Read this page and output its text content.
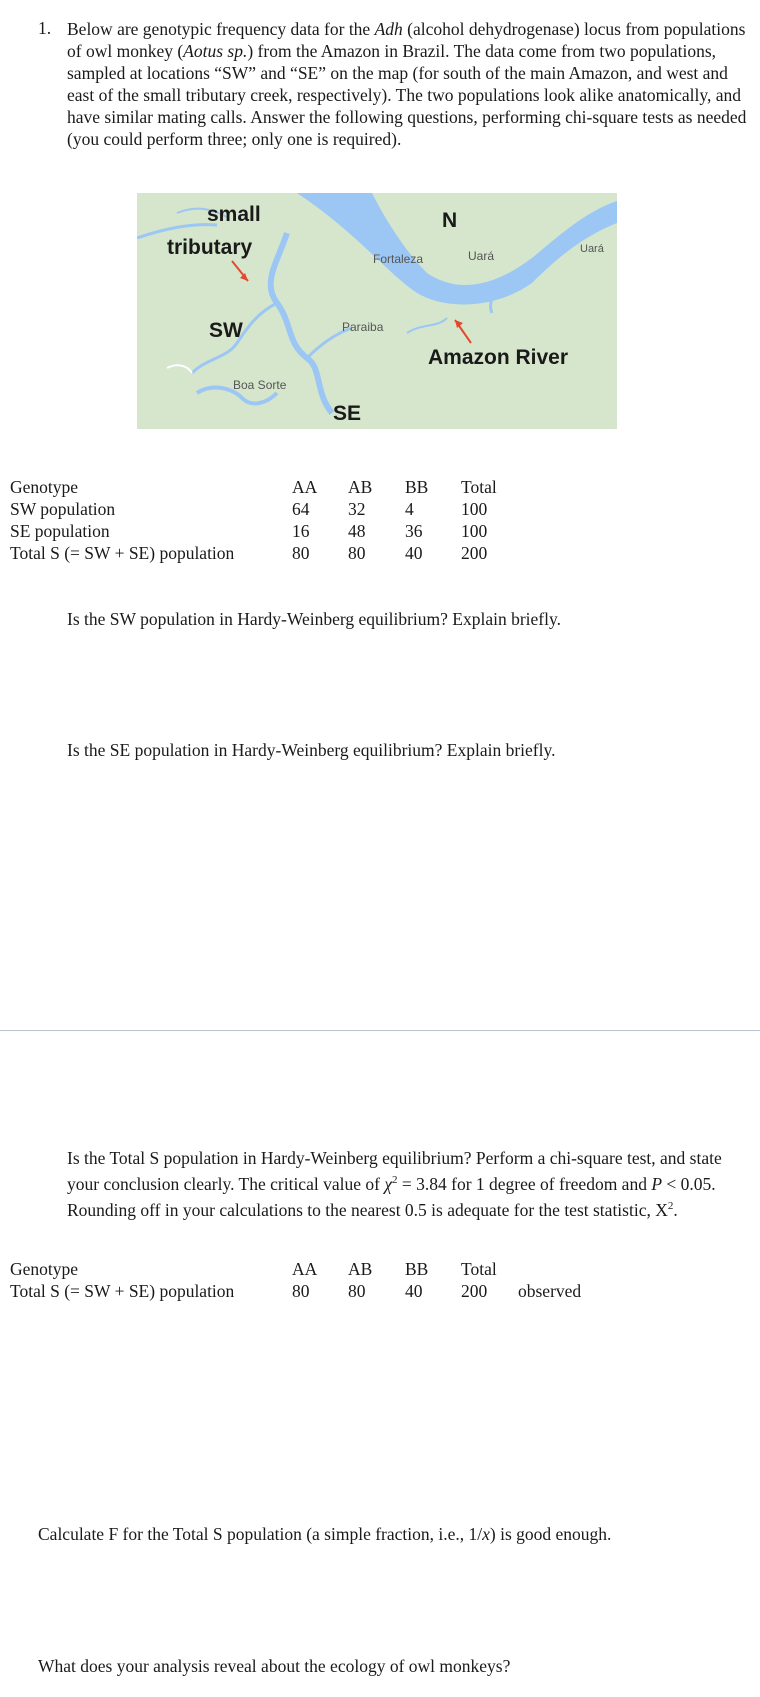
1. Below are genotypic frequency data for the Adh (alcohol dehydrogenase) locus from populations of owl monkey (Aotus sp.) from the Amazon in Brazil. The data come from two populations, sampled at locations “SW” and “SE” on the map (for south of the main Amazon, and west and east of the small tributary creek, respectively). The two populations look alike anatomically, and have similar mating calls. Answer the following questions, performing chi-square tests as needed (you could perform three; only one is required).
small
tributary
N
Fortaleza	Uará	Uará
SW	Paraiba
Amazon River
Boa Sorte
SE
Genotype	AA AB BB Total
SW population	64 32 4	100
SE population	16 48 36 100
Total S (= SW + SE) population	80 80 40 200
Is the SW population in Hardy-Weinberg equilibrium? Explain briefly.
Is the SE population in Hardy-Weinberg equilibrium? Explain briefly.
Is the Total S population in Hardy-Weinberg equilibrium? Perform a chi-square test, and state your conclusion clearly. The critical value of $\chi^2 = 3.84$ for 1 degree of freedom and P < 0.05. Rounding off in your calculations to the nearest 0.5 is adequate for the test statistic, $X^2$.
Genotype	AA AB BB Total
Total S (= SW + SE) population	80 80 40 200 observed
Calculate F for the Total S population (a simple fraction, i.e., 1/x) is good enough.
What does your analysis reveal about the ecology of owl monkeys?
